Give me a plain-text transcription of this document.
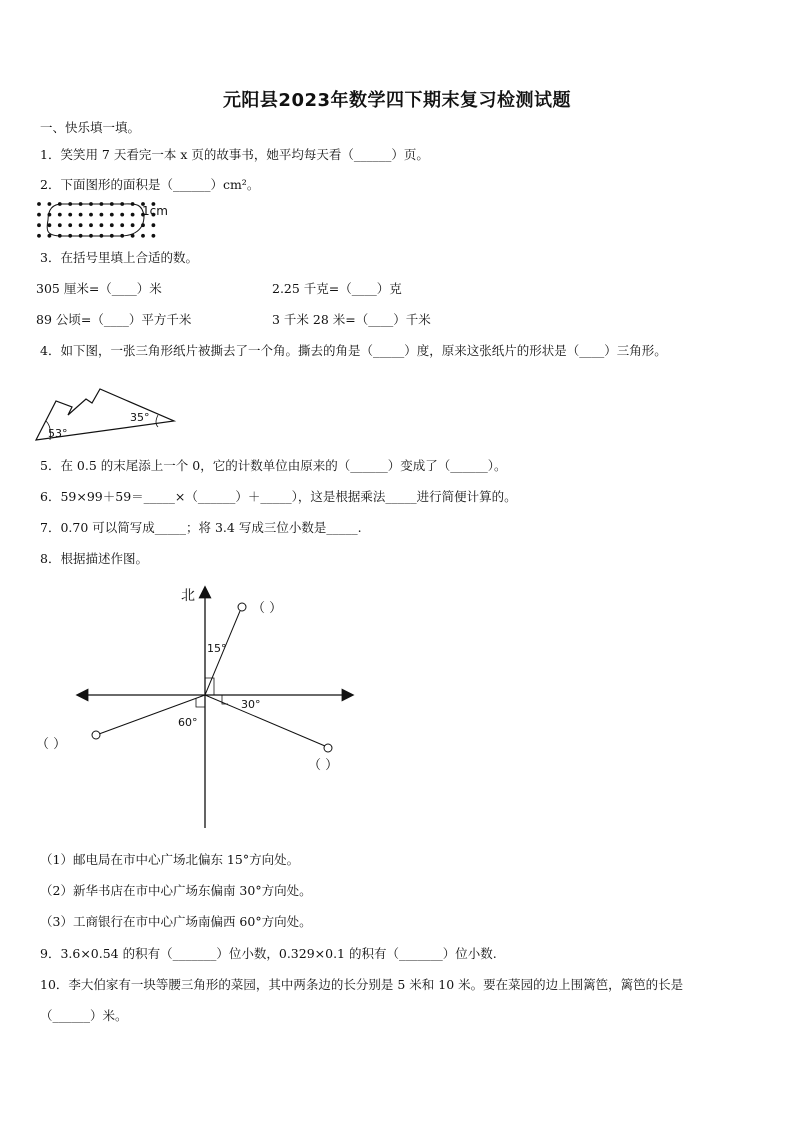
元阳县2023年数学四下期末复习检测试题
一、快乐填一填。
1．笑笑用 7 天看完一本 x 页的故事书，她平均每天看（______）页。
2．下面图形的面积是（______）cm²。
1cm
3．在括号里填上合适的数。
305 厘米=（____）米	2.25 千克=（____）克
89 公顷=（____）平方千米	3 千米 28 米=（____）千米
4．如下图，一张三角形纸片被撕去了一个角。撕去的角是（_____）度，原来这张纸片的形状是（____）三角形。
53°
35°
5．在 0.5 的末尾添上一个 0，它的计数单位由原来的（______）变成了（______）。
6．59×99＋59＝_____×（______）＋_____），这是根据乘法_____进行简便计算的。
7．0.70 可以简写成_____；将 3.4 写成三位小数是_____.
8．根据描述作图。
北
（ ）
15°
（ ）
30°
（ ）
60°
（1）邮电局在市中心广场北偏东 15°方向处。
（2）新华书店在市中心广场东偏南 30°方向处。
（3）工商银行在市中心广场南偏西 60°方向处。
9．3.6×0.54 的积有（_______）位小数，0.329×0.1 的积有（_______）位小数.
10．李大伯家有一块等腰三角形的菜园，其中两条边的长分别是 5 米和 10 米。要在菜园的边上围篱笆，篱笆的长是
（______）米。
